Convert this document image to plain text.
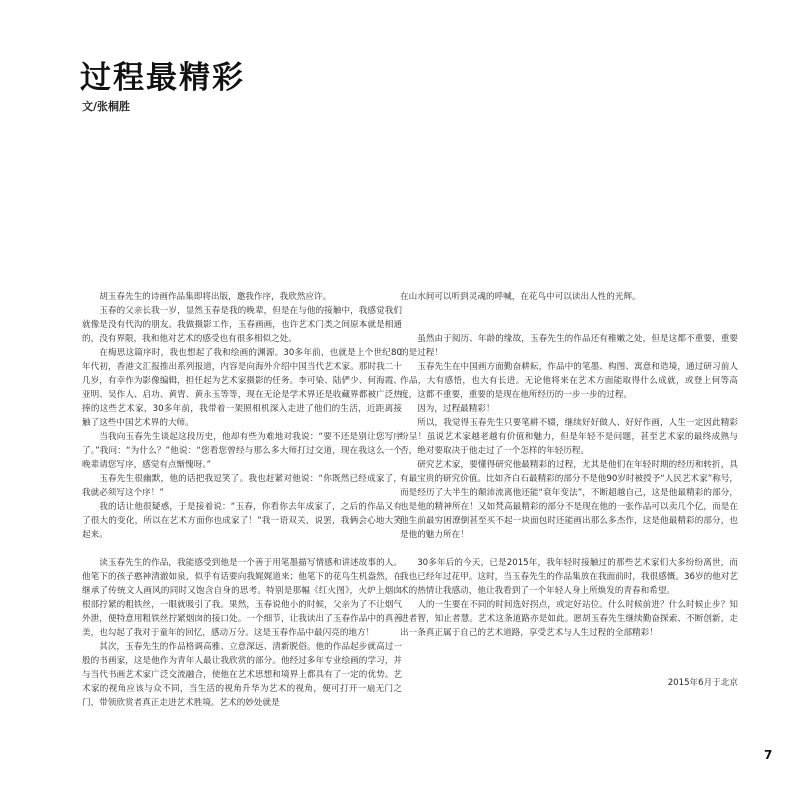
过程最精彩
文/张桐胜

胡玉春先生的诗画作品集即将出版，邀我作序，我欣然应许。

玉春的父亲长我一岁，显然玉春是我的晚辈，但是在与他的接触中，我感觉我们就像是没有代沟的朋友。我做摄影工作，玉春画画，也许艺术门类之间原本就是相通的，没有界限，我和他对艺术的感受也有很多相似之处。

在梅思这篇序时，我也想起了我和绘画的渊源。30多年前，也就是上个世纪80年代初，香港文汇报推出系列报道，内容是向海外介绍中国当代艺术家。那时我二十几岁，有幸作为影像编辑，担任起为艺术家摄影的任务。李可染、陆俨少、何海霞、亚明、吴作人、启功、黄胄、黄永玉等等，现在无论是学术界还是收藏界都被广泛热捧的这些艺术家，30多年前，我带着一架照相机深入走进了他们的生活，近距离接触了这些中国艺术界的大师。

当我向玉春先生谈起这段历史，他却有些为难地对我说：“要不还是别让您写序了。”我问：“为什么？”他说：“您看您曾经与那么多大师打过交道，现在我这么一个晚辈请您写序，感觉有点惭愧呀。”

玉春先生很幽默，他的话把我逗笑了。我也赶紧对他说：“你既然已经成家了，我就必须写这个序！”

我的话让他很疑惑，于是接着说：“玉春，你看你去年成家了，之后的作品又有了很大的变化，所以在艺术方面你也成家了！”我一语双关，说罢，我俩会心地大笑起来。

读玉春先生的作品，我能感受到他是一个善于用笔墨描写情感和讲述故事的人。他笔下的孩子憨神清澈如泉，似乎有话要向我娓娓道来；他笔下的花鸟生机盎然，在继承了传统文人画风的同时又饱含自身的思考。特别是那幅《红火图》，火炉上烟囱根部拧紧的粗铁丝，一眼就吸引了我。果然，玉春说他小的时候，父亲为了不让烟气外泄，便特意用粗铁丝拧紧烟囱的接口处。一个细节，让我读出了玉春作品中的真善美，也勾起了我对于童年的回忆，感动万分。这是玉春作品中最闪亮的地方！

其次，玉春先生的作品格调高雅、立意深远、清新脱俗。他的作品起步就高过一般的书画家，这是他作为青年人最让我欣赏的部分。他经过多年专业绘画的学习，并与当代书画艺术家广泛交流融合，使他在艺术思想和境界上都具有了一定的优势。艺术家的视角应该与众不同，当生活的视角升华为艺术的视角，便可打开一扇无门之门，带领欣赏者真正走进艺术胜境。艺术的妙处就是

在山水间可以听到灵魂的呼喊，在花鸟中可以读出人性的光辉。

虽然由于阅历、年龄的缘故，玉春先生的作品还有稚嫩之处，但是这都不重要，重要的是过程！

玉春先生在中国画方面勤奋耕耘，作品中的笔墨、构图、寓意和造境，通过研习前人作品，大有感悟，也大有长进。无论他将来在艺术方面能取得什么成就，或登上何等高度，这都不重要，重要的是现在他所经历的一步一步的过程。

因为，过程最精彩！

所以，我觉得玉春先生只要笔耕不辍，继续好好做人、好好作画，人生一定因此精彩纷呈！虽说艺术家越老越有价值和魅力，但是年轻不是问题，甚至艺术家的最终成熟与否，绝对要取决于他走过了一个怎样的年轻历程。

研究艺术家，要懂得研究他最精彩的过程，尤其是他们在年轻时期的经历和转折，具有最宝贵的研究价值。比如齐白石最精彩的部分不是他90岁时被授予“人民艺术家”称号，而是经历了大半生的颠沛流离他还能“衰年变法”，不断超越自己，这是他最精彩的部分，也是他的精神所在！又如梵高最精彩的部分不是现在他的一张作品可以卖几个亿，而是在他生前最穷困潦倒甚至买不起一块面包时还能画出那么多杰作，这是他最精彩的部分，也是他的魅力所在！

30多年后的今天，已是2015年，我年轻时接触过的那些艺术家们大多纷纷离世，而我也已经年过花甲。这时，当玉春先生的作品集放在我面前时，我很感慨。36岁的他对艺术的热情让我感动，他让我看到了一个年轻人身上所焕发的青春和希望。

人的一生要在不同的时间选好拐点，或定好站位。什么时候前进？什么时候止步？知进者智，知止者慧。艺术这条道路亦是如此。愿胡玉春先生继续勤奋探索、不断创新，走出一条真正属于自己的艺术道路，享受艺术与人生过程的全部精彩！

2015年6月于北京
7
